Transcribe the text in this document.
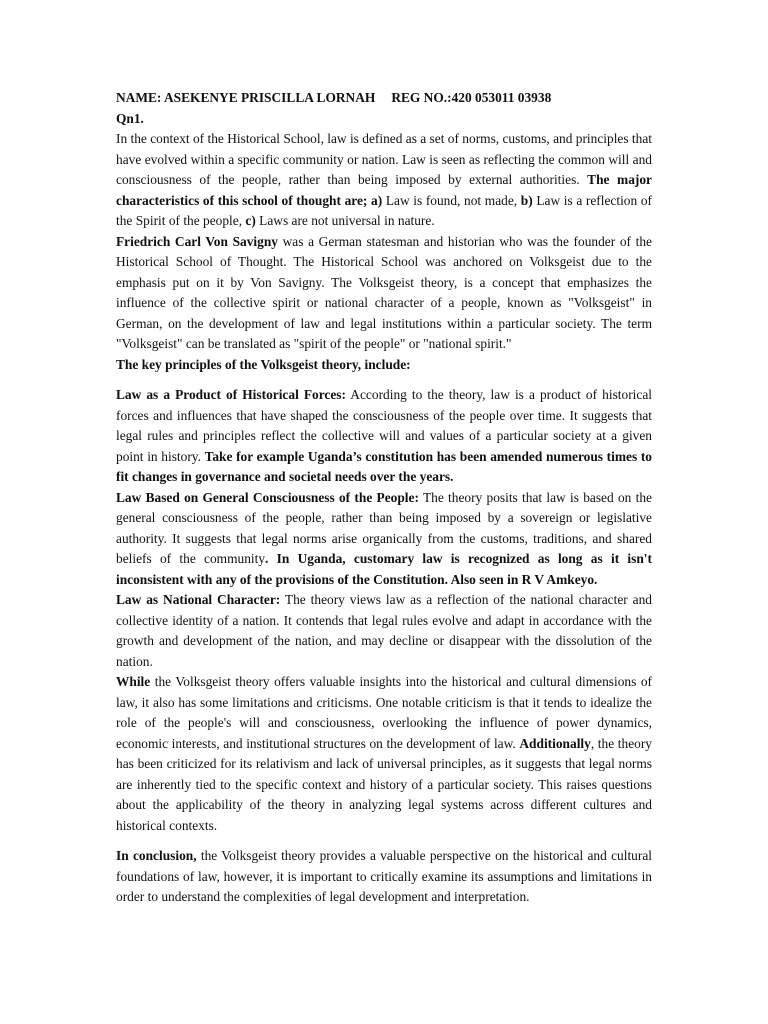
NAME: ASEKENYE PRISCILLA LORNAH REG NO.:420 053011 03938
Qn1.

In the context of the Historical School, law is defined as a set of norms, customs, and principles that have evolved within a specific community or nation. Law is seen as reflecting the common will and consciousness of the people, rather than being imposed by external authorities. The major characteristics of this school of thought are; a) Law is found, not made, b) Law is a reflection of the Spirit of the people, c) Laws are not universal in nature.

Friedrich Carl Von Savigny was a German statesman and historian who was the founder of the Historical School of Thought. The Historical School was anchored on Volksgeist due to the emphasis put on it by Von Savigny. The Volksgeist theory, is a concept that emphasizes the influence of the collective spirit or national character of a people, known as "Volksgeist" in German, on the development of law and legal institutions within a particular society. The term "Volksgeist" can be translated as "spirit of the people" or "national spirit."

The key principles of the Volksgeist theory, include:

Law as a Product of Historical Forces: According to the theory, law is a product of historical forces and influences that have shaped the consciousness of the people over time. It suggests that legal rules and principles reflect the collective will and values of a particular society at a given point in history. Take for example Uganda’s constitution has been amended numerous times to fit changes in governance and societal needs over the years.

Law Based on General Consciousness of the People: The theory posits that law is based on the general consciousness of the people, rather than being imposed by a sovereign or legislative authority. It suggests that legal norms arise organically from the customs, traditions, and shared beliefs of the community. In Uganda, customary law is recognized as long as it isn't inconsistent with any of the provisions of the Constitution. Also seen in R V Amkeyo.

Law as National Character: The theory views law as a reflection of the national character and collective identity of a nation. It contends that legal rules evolve and adapt in accordance with the growth and development of the nation, and may decline or disappear with the dissolution of the nation.

While the Volksgeist theory offers valuable insights into the historical and cultural dimensions of law, it also has some limitations and criticisms. One notable criticism is that it tends to idealize the role of the people's will and consciousness, overlooking the influence of power dynamics, economic interests, and institutional structures on the development of law. Additionally, the theory has been criticized for its relativism and lack of universal principles, as it suggests that legal norms are inherently tied to the specific context and history of a particular society. This raises questions about the applicability of the theory in analyzing legal systems across different cultures and historical contexts.

In conclusion, the Volksgeist theory provides a valuable perspective on the historical and cultural foundations of law, however, it is important to critically examine its assumptions and limitations in order to understand the complexities of legal development and interpretation.
